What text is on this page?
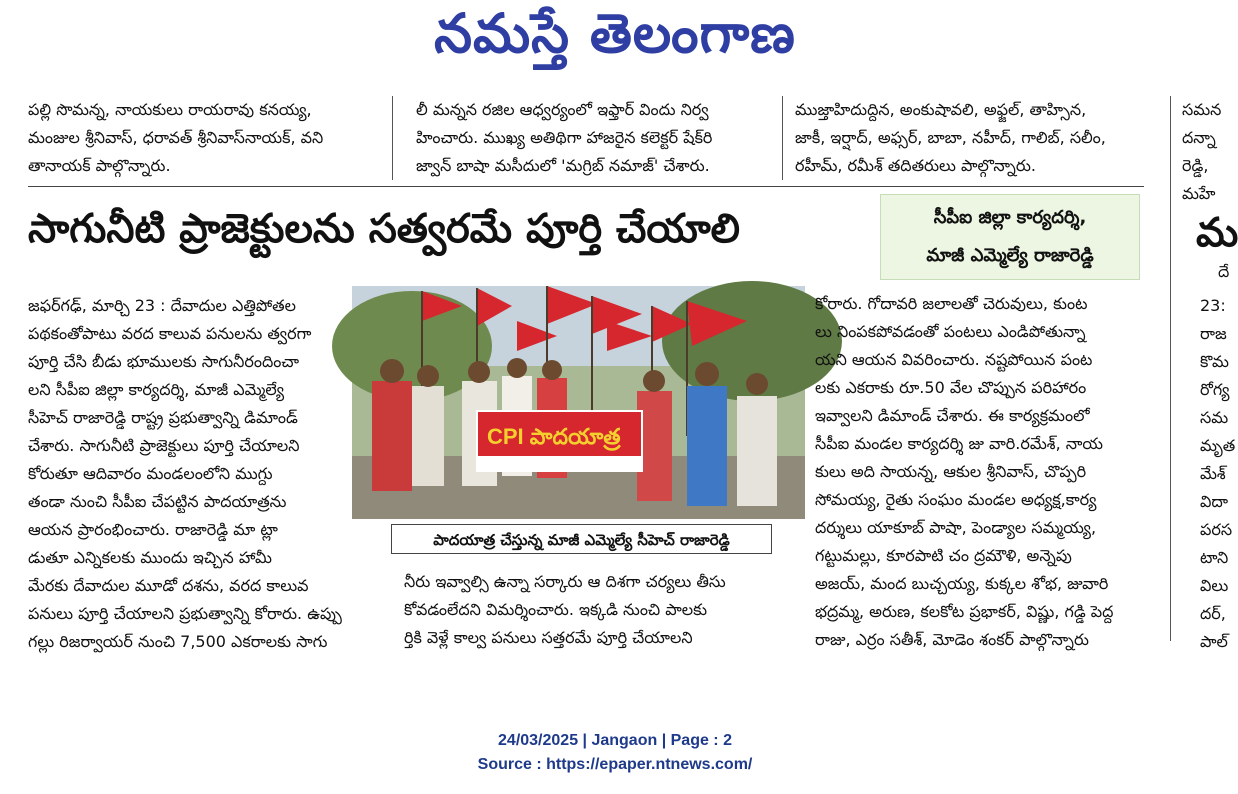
నమస్తే తెలంగాణ

పల్లి సొమన్న, నాయకులు రాయరావు కనయ్య,

మంజుల శ్రీనివాస్, ధరావత్ శ్రీనివాస్‌నాయక్, వని

తానాయక్ పాల్గొన్నారు.

లీ మన్నన రజిల ఆధ్వర్యంలో ఇఫ్తార్ విందు నిర్వ

హించారు. ముఖ్య అతిథిగా హాజరైన కలెక్టర్ షేక్‌రి

జ్వాన్ బాషా మసీదులో 'మగ్రిబ్ నమాజ్' చేశారు.

ముజ్తాహిదుద్దిన, అంకుషావలి, అఫ్జల్, తాహ్సిన,

జాకీ, ఇర్షాద్, అఫ్సర్, బాబా, నహీద్, గాలిబ్, సలీం,

రహీమ్, రమీశ్ తదితరులు పాల్గొన్నారు.

సమన

దన్నా

రెడ్డి,

మహే

సాగునీటి ప్రాజెక్టులను సత్వరమే పూర్తి చేయాలి	సీపీఐ జిల్లా కార్యదర్శి,
మాజీ ఎమ్మెల్యే రాజారెడ్డి

జఫర్‌గఢ్, మార్చి 23 : దేవాదుల ఎత్తిపోతల

పథకంతోపాటు వరద కాలువ పనులను త్వరగా

పూర్తి చేసి బీడు భూములకు సాగునీరందించా

లని సీపీఐ జిల్లా కార్యదర్శి, మాజీ ఎమ్మెల్యే

సీహెచ్ రాజారెడ్డి రాష్ట్ర ప్రభుత్వాన్ని డిమాండ్

చేశారు. సాగునీటి ప్రాజెక్టులు పూర్తి చేయాలని

కోరుతూ ఆదివారం మండలంలోని ముగ్దు

తండా నుంచి సీపీఐ చేపట్టిన పాదయాత్రను

ఆయన ప్రారంభించారు. రాజారెడ్డి మా ట్లా

డుతూ ఎన్నికలకు ముందు ఇచ్చిన హామీ

మేరకు దేవాదుల మూడో దశను, వరద కాలువ

పనులు పూర్తి చేయాలని ప్రభుత్వాన్ని కోరారు. ఉప్పు

గల్లు రిజర్వాయర్ నుంచి 7,500 ఎకరాలకు సాగు

CPI పాదయాత్ర
పాదయాత్ర చేస్తున్న మాజీ ఎమ్మెల్యే సీహెచ్ రాజారెడ్డి

నీరు ఇవ్వాల్సి ఉన్నా సర్కారు ఆ దిశగా చర్యలు తీసు

కోవడంలేదని విమర్శించారు. ఇక్కడి నుంచి పాలకు

ర్తికి వెళ్లే కాల్వ పనులు సత్తరమే పూర్తి చేయాలని

కోరారు. గోదావరి జలాలతో చెరువులు, కుంట

లు నింపకపోవడంతో పంటలు ఎండిపోతున్నా

యని ఆయన వివరించారు. నష్టపోయిన పంట

లకు ఎకరాకు రూ.50 వేల చొప్పున పరిహారం

ఇవ్వాలని డిమాండ్ చేశారు. ఈ కార్యక్రమంలో

సీపీఐ మండల కార్యదర్శి జు వారి.రమేశ్, నాయ

కులు అది సాయన్న, ఆకుల శ్రీనివాస్, చొప్పరి

సోమయ్య, రైతు సంఘం మండల అధ్యక్ష,కార్య

దర్శులు యాకూబ్ పాషా, పెండ్యాల సమ్మయ్య,

గట్టుమల్లు, కూరపాటి చం ద్రమౌళి, అన్నెపు

అజయ్, మంద బుచ్చయ్య, కుక్కల శోభ, జువారి

భద్రమ్మ, అరుణ, కలకోట ప్రభాకర్, విష్ణు, గడ్డి పెద్ద

రాజు, ఎర్రం సతీశ్, మోడెం శంకర్ పాల్గొన్నారు

మ
దే

23:

రాజ

కొమ

రోగ్య

సమ

మృత

మేశ్

విదా

పరస

టాని

విలు

దర్,

పాల్

24/03/2025 | Jangaon | Page : 2
Source : https://epaper.ntnews.com/
